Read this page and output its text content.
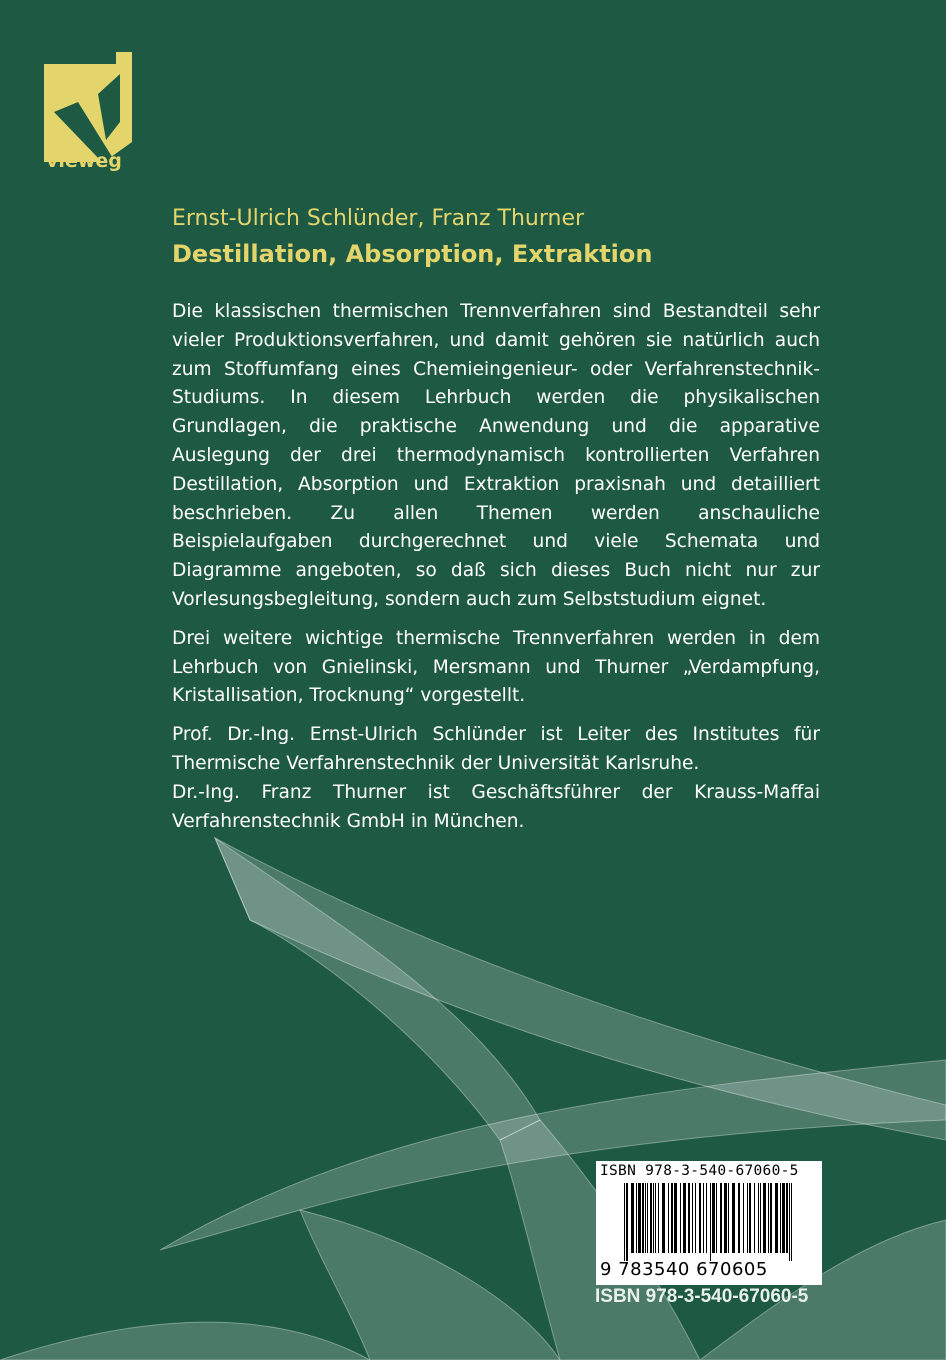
vieweg
Ernst-Ulrich Schlünder, Franz Thurner
Destillation, Absorption, Extraktion

Die klassischen thermischen Trennverfahren sind Bestandteil sehr vieler Produktionsverfahren, und damit gehören sie natürlich auch zum Stoffumfang eines Chemieingenieur- oder Verfahrenstechnik-Studiums. In diesem Lehrbuch werden die physikalischen Grundlagen, die praktische Anwendung und die apparative Auslegung der drei thermodynamisch kontrollierten Verfahren Destillation, Absorption und Extraktion praxisnah und detailliert beschrieben. Zu allen Themen werden anschauliche Beispielaufgaben durchgerechnet und viele Schemata und Diagramme angeboten, so daß sich dieses Buch nicht nur zur Vorlesungsbegleitung, sondern auch zum Selbststudium eignet.

Drei weitere wichtige thermische Trennverfahren werden in dem Lehrbuch von Gnielinski, Mersmann und Thurner „Verdampfung, Kristallisation, Trocknung“ vorgestellt.

Prof. Dr.-Ing. Ernst-Ulrich Schlünder ist Leiter des Institutes für Thermische Verfahrenstechnik der Universität Karlsruhe.

Dr.-Ing. Franz Thurner ist Geschäftsführer der Krauss-Maffai Verfahrenstechnik GmbH in München.

ISBN 978-3-540-67060-5
9 783540 670605
ISBN 978-3-540-67060-5
